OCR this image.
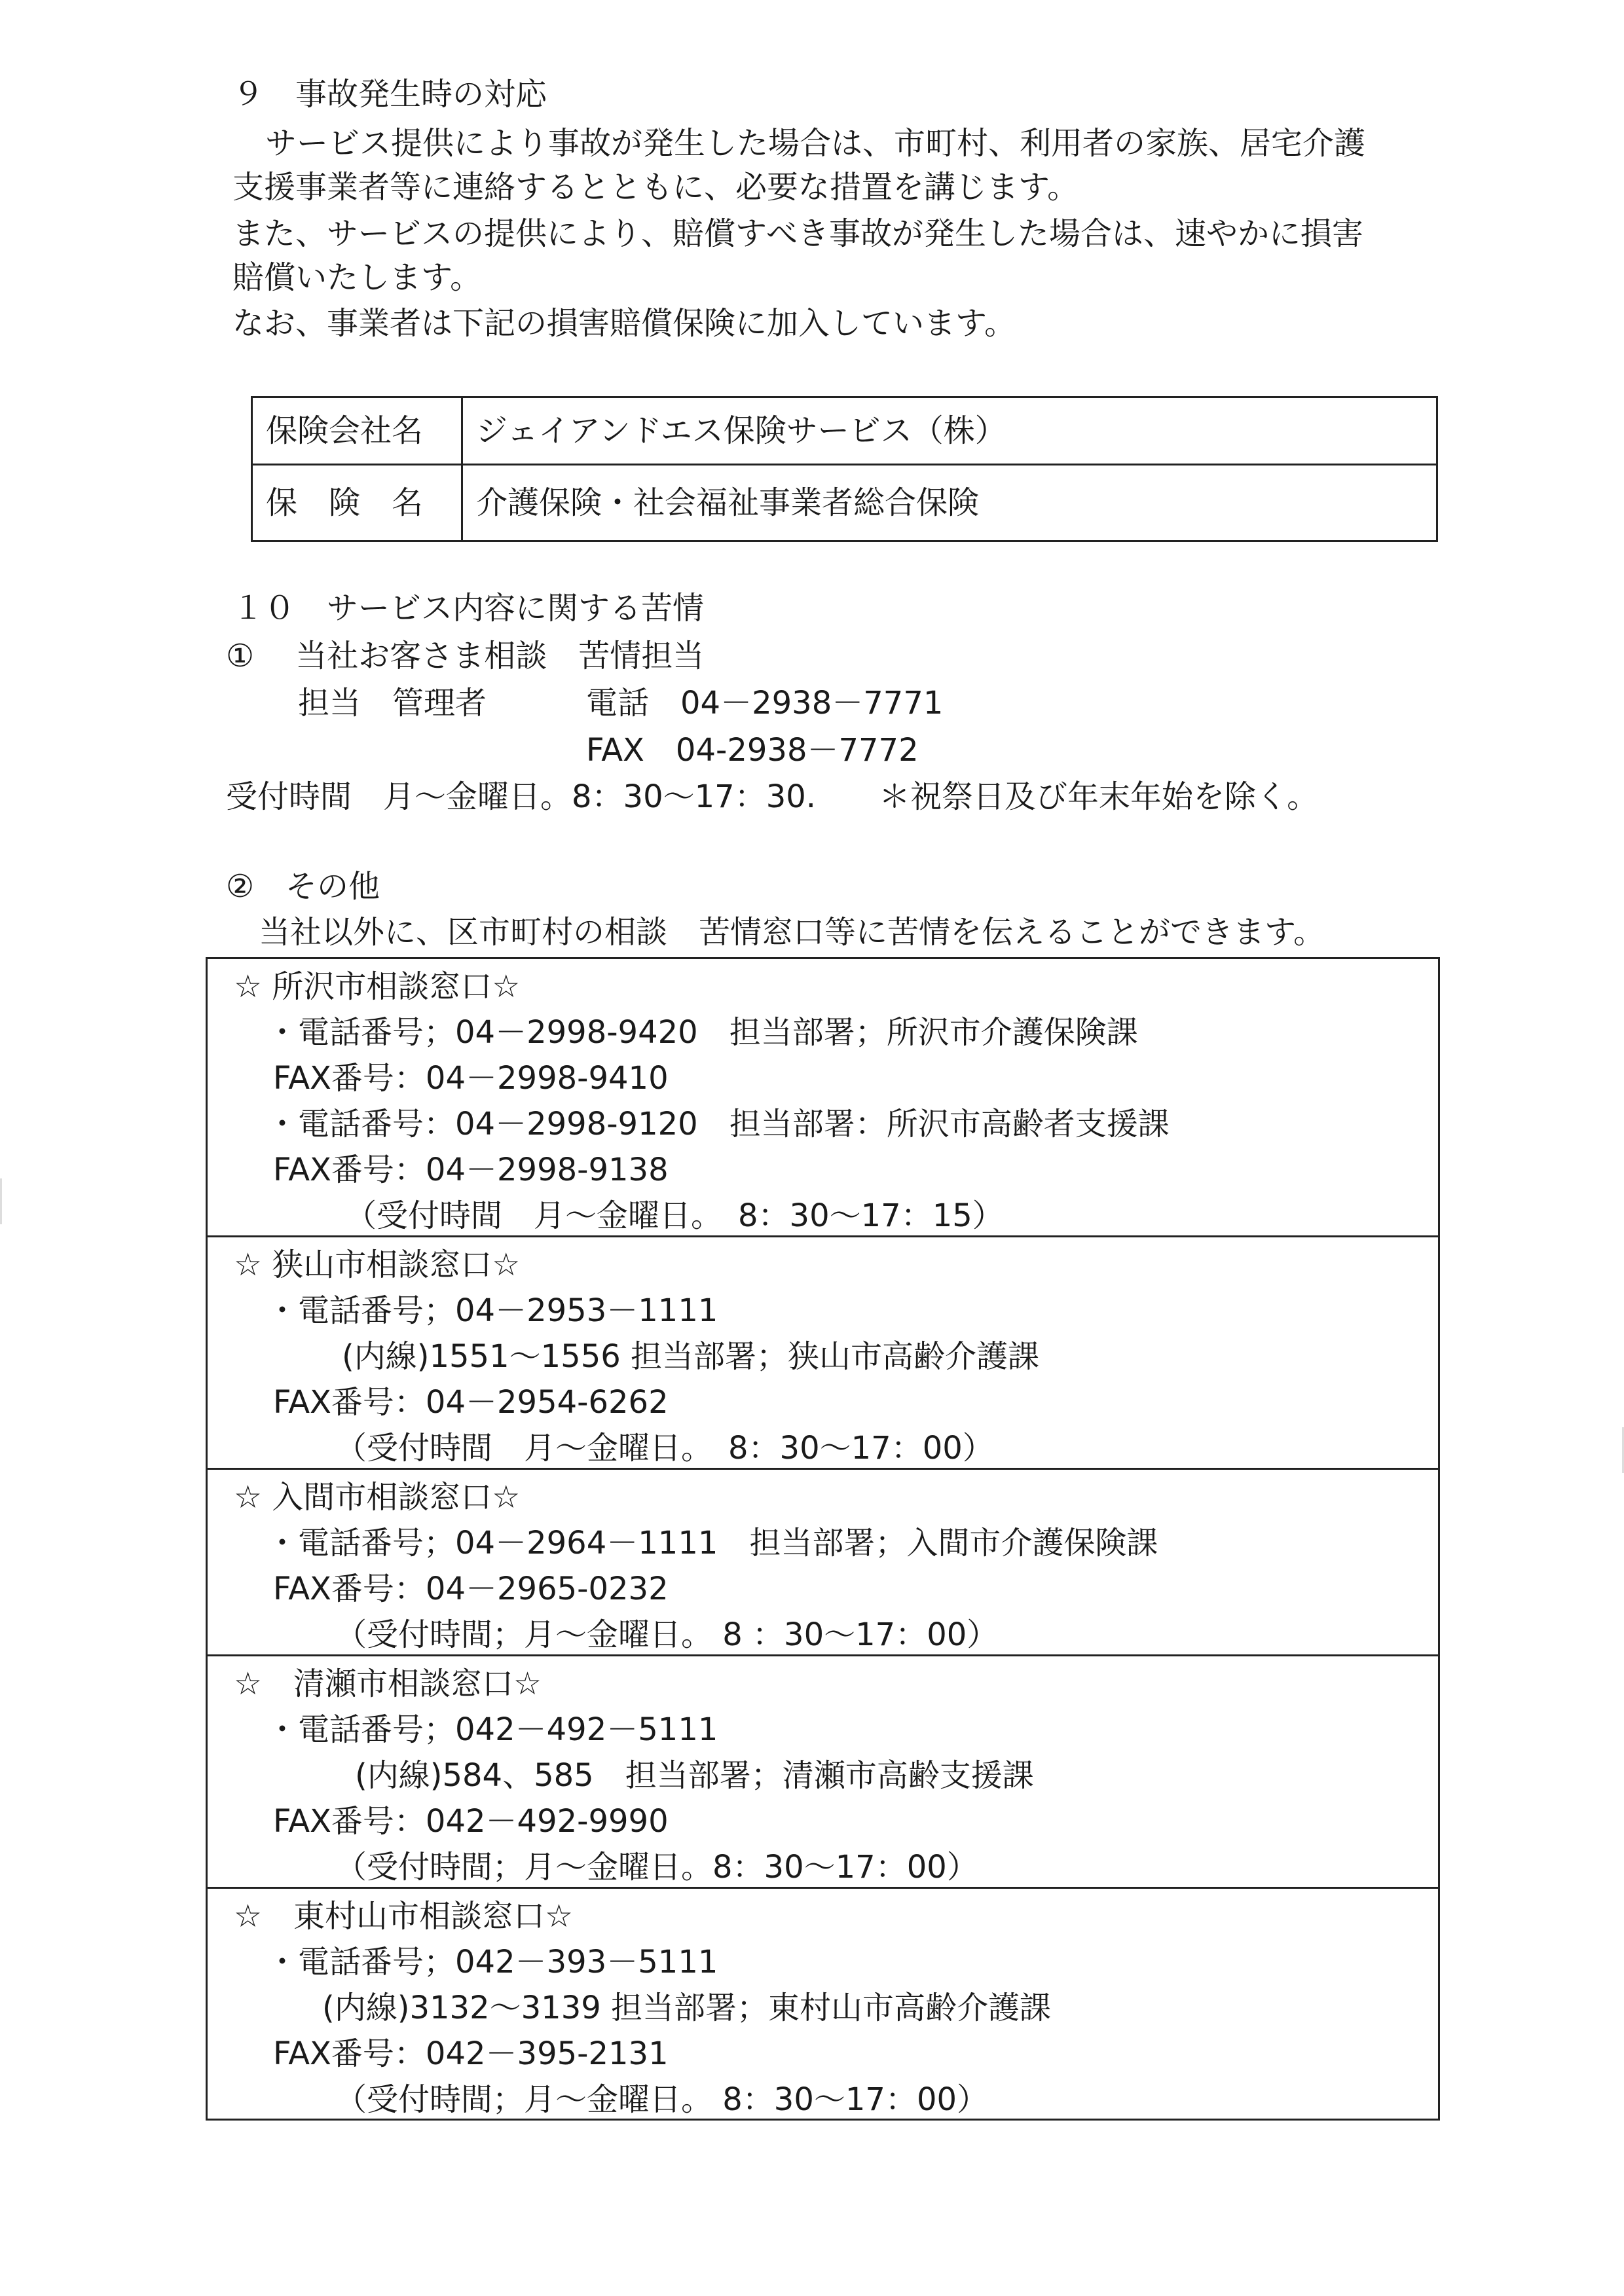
９　事故発生時の対応
サービス提供により事故が発生した場合は、市町村、利用者の家族、居宅介護
支援事業者等に連絡するとともに、必要な措置を講じます。
また、サービスの提供により、賠償すべき事故が発生した場合は、速やかに損害
賠償いたします。
なお、事業者は下記の損害賠償保険に加入しています。
保険会社名	ジェイアンドエス保険サービス（株）
保　険　名	介護保険・社会福祉事業者総合保険
１０　サービス内容に関する苦情
①　 当社お客さま相談　苦情担当
担当　管理者	電話　04－2938－7771
FAX　04-2938－7772
受付時間　月～金曜日。8：30～17：30.　　＊祝祭日及び年末年始を除く。
②　その他
当社以外に、区市町村の相談　苦情窓口等に苦情を伝えることができます。
☆ 所沢市相談窓口☆
・電話番号；04－2998-9420　担当部署；所沢市介護保険課
FAX番号：04－2998-9410
・電話番号：04－2998-9120　担当部署：所沢市高齢者支援課
FAX番号：04－2998-9138
（受付時間　月～金曜日。　8：30～17：15）
☆ 狭山市相談窓口☆
・電話番号；04－2953－1111
(内線)1551～1556 担当部署；狭山市高齢介護課
FAX番号：04－2954-6262
（受付時間　月～金曜日。　8：30～17：00）
☆ 入間市相談窓口☆
・電話番号；04－2964－1111　担当部署；入間市介護保険課
FAX番号：04－2965-0232
（受付時間；月～金曜日。 8 ：30～17：00）
☆　清瀬市相談窓口☆
・電話番号；042－492－5111
(内線)584、585　担当部署；清瀬市高齢支援課
FAX番号：042－492-9990
（受付時間；月～金曜日。8：30～17：00）
☆　東村山市相談窓口☆
・電話番号；042－393－5111
(内線)3132～3139 担当部署；東村山市高齢介護課
FAX番号：042－395-2131
（受付時間；月～金曜日。 8：30～17：00）
